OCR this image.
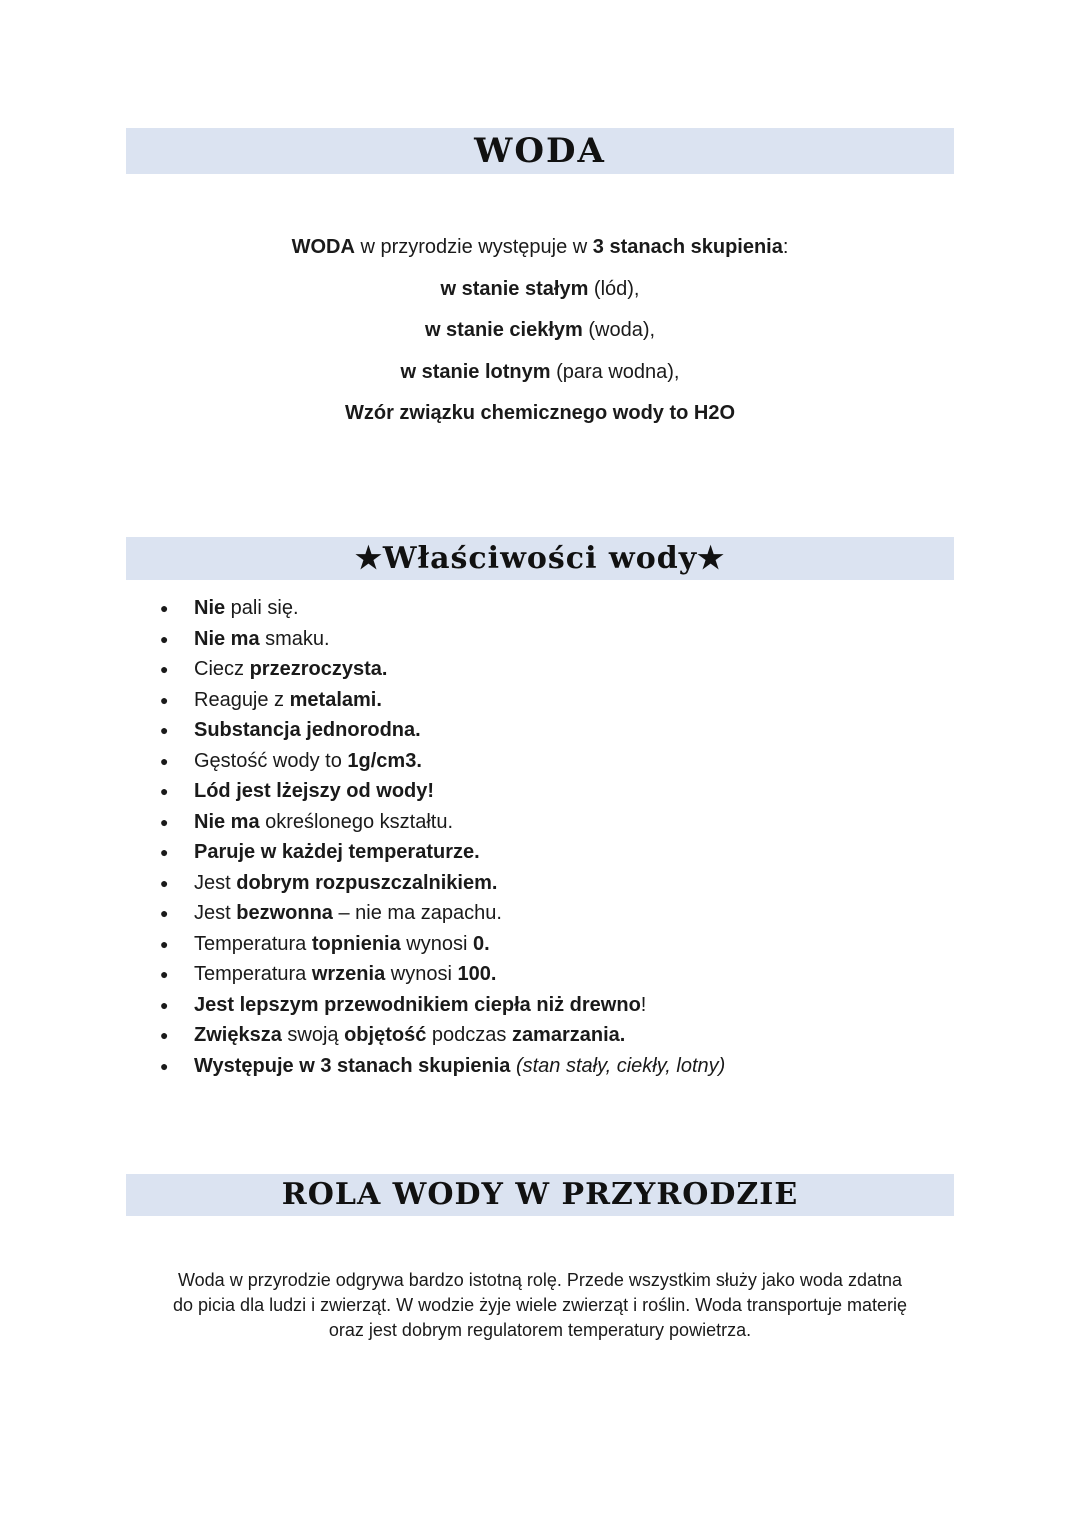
WODA
WODA w przyrodzie występuje w 3 stanach skupienia:
w stanie stałym (lód),
w stanie ciekłym (woda),
w stanie lotnym (para wodna),
Wzór związku chemicznego wody to H2O
★Właściwości wody★
● Nie pali się.
● Nie ma smaku.
● Ciecz przezroczysta.
● Reaguje z metalami.
● Substancja jednorodna.
● Gęstość wody to 1g/cm3.
● Lód jest lżejszy od wody!
● Nie ma określonego kształtu.
● Paruje w każdej temperaturze.
● Jest dobrym rozpuszczalnikiem.
● Jest bezwonna – nie ma zapachu.
● Temperatura topnienia wynosi 0.
● Temperatura wrzenia wynosi 100.
● Jest lepszym przewodnikiem ciepła niż drewno!
● Zwiększa swoją objętość podczas zamarzania.
● Występuje w 3 stanach skupienia (stan stały, ciekły, lotny)
ROLA WODY W PRZYRODZIE
Woda w przyrodzie odgrywa bardzo istotną rolę. Przede wszystkim służy jako woda zdatna
do picia dla ludzi i zwierząt. W wodzie żyje wiele zwierząt i roślin. Woda transportuje materię
oraz jest dobrym regulatorem temperatury powietrza.
